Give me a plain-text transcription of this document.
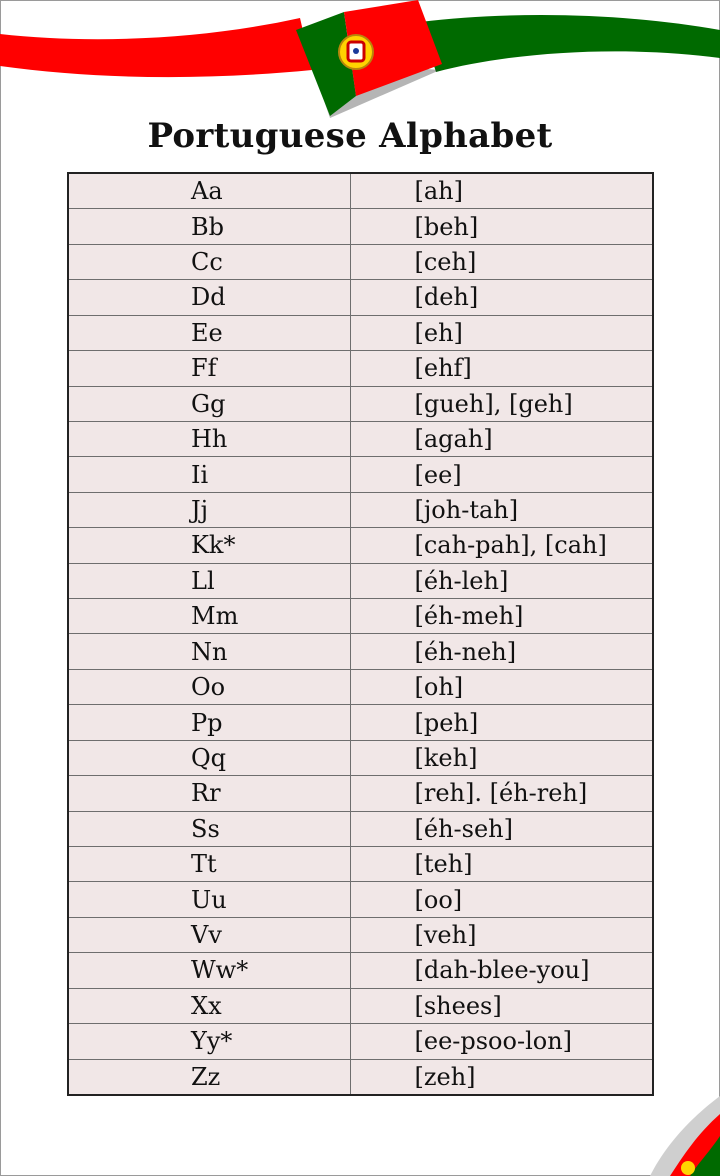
Portuguese Alphabet
Aa	[ah]
Bb	[beh]
Cc	[ceh]
Dd	[deh]
Ee	[eh]
Ff	[ehf]
Gg	[gueh], [geh]
Hh	[agah]
Ii	[ee]
Jj	[joh-tah]
Kk*	[cah-pah], [cah]
Ll	[éh-leh]
Mm	[éh-meh]
Nn	[éh-neh]
Oo	[oh]
Pp	[peh]
Qq	[keh]
Rr	[reh]. [éh-reh]
Ss	[éh-seh]
Tt	[teh]
Uu	[oo]
Vv	[veh]
Ww*	[dah-blee-you]
Xx	[shees]
Yy*	[ee-psoo-lon]
Zz	[zeh]
